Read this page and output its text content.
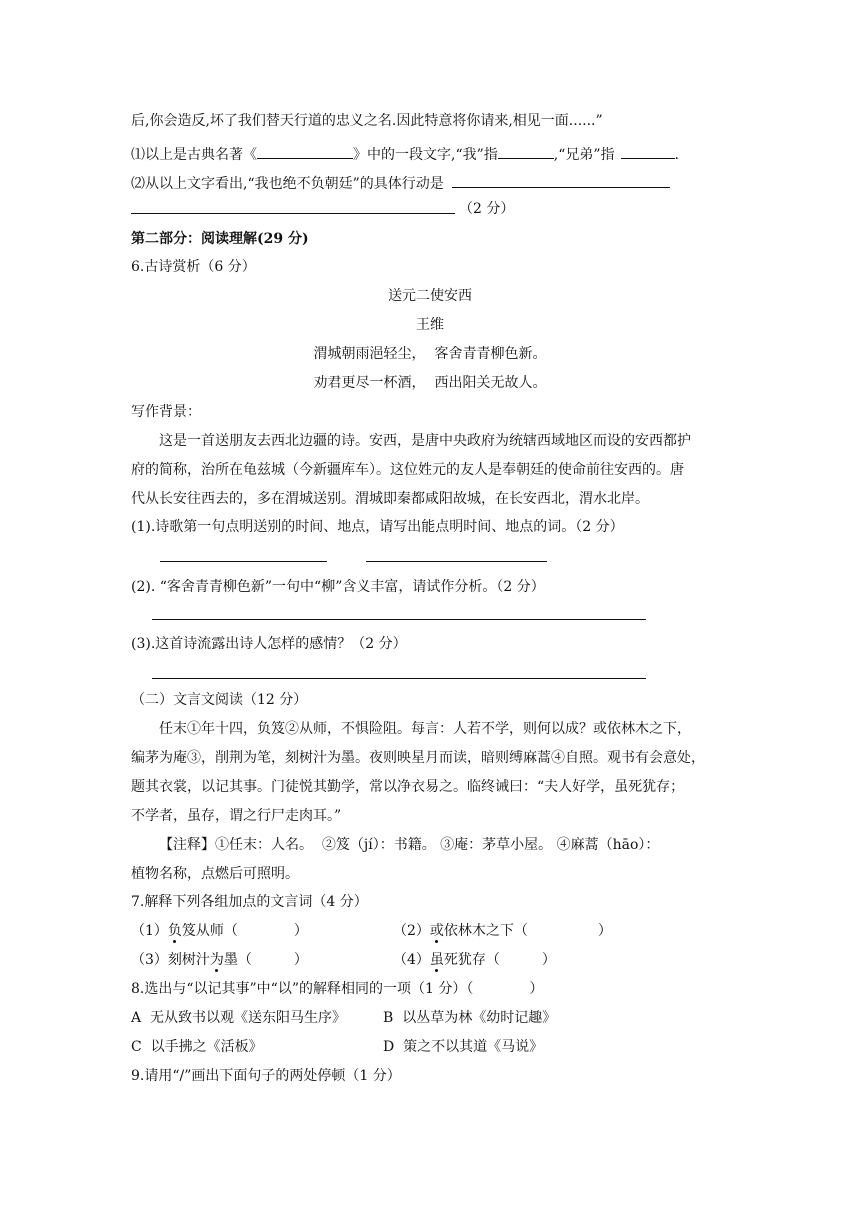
后,你会造反,坏了我们替天行道的忠义之名.因此特意将你请来,相见一面......”
⑴以上是古典名著《	》中的一段文字,“我”指	,“兄弟”指	.
⑵从以上文字看出,“我也绝不负朝廷”的具体行动是
（2 分）
第二部分：阅读理解(29 分)
6.古诗赏析（6 分）
送元二使安西
王维
渭城朝雨浥轻尘，  客舍青青柳色新。
劝君更尽一杯酒，  西出阳关无故人。
写作背景：
这是一首送朋友去西北边疆的诗。安西，是唐中央政府为统辖西域地区而设的安西都护
府的简称，治所在龟兹城（今新疆库车）。这位姓元的友人是奉朝廷的使命前往安西的。唐
代从长安往西去的，多在渭城送别。渭城即秦都咸阳故城，在长安西北，渭水北岸。
(1).诗歌第一句点明送别的时间、地点，请写出能点明时间、地点的词。（2 分）
(2). “客舍青青柳色新”一句中“柳”含义丰富，请试作分析。（2 分）
(3).这首诗流露出诗人怎样的感情？（2 分）
（二）文言文阅读（12 分）
任末①年十四，负笈②从师，不惧险阻。每言：人若不学，则何以成？或依林木之下，
编茅为庵③，削荆为笔，刻树汁为墨。夜则映星月而读，暗则缚麻蒿④自照。观书有会意处，
题其衣裳，以记其事。门徒悦其勤学，常以净衣易之。临终诫曰：“夫人好学，虽死犹存；
不学者，虽存，谓之行尸走肉耳。”
【注释】①任末：人名。  ②笈（jí）：书籍。 ③庵：茅草小屋。 ④麻蒿（hāo）：
植物名称，点燃后可照明。
7.解释下列各组加点的文言词（4 分）
（1）负笈从师（	）	（2）或依林木之下（	）
（3）刻树汁为墨（	）	（4）虽死犹存（	）
8.选出与“以记其事”中“以”的解释相同的一项（1 分）（	）
A  无从致书以观《送东阳马生序》	B  以丛草为林《幼时记趣》
C  以手拂之《活板》	D  策之不以其道《马说》
9.请用“/”画出下面句子的两处停顿（1 分）
